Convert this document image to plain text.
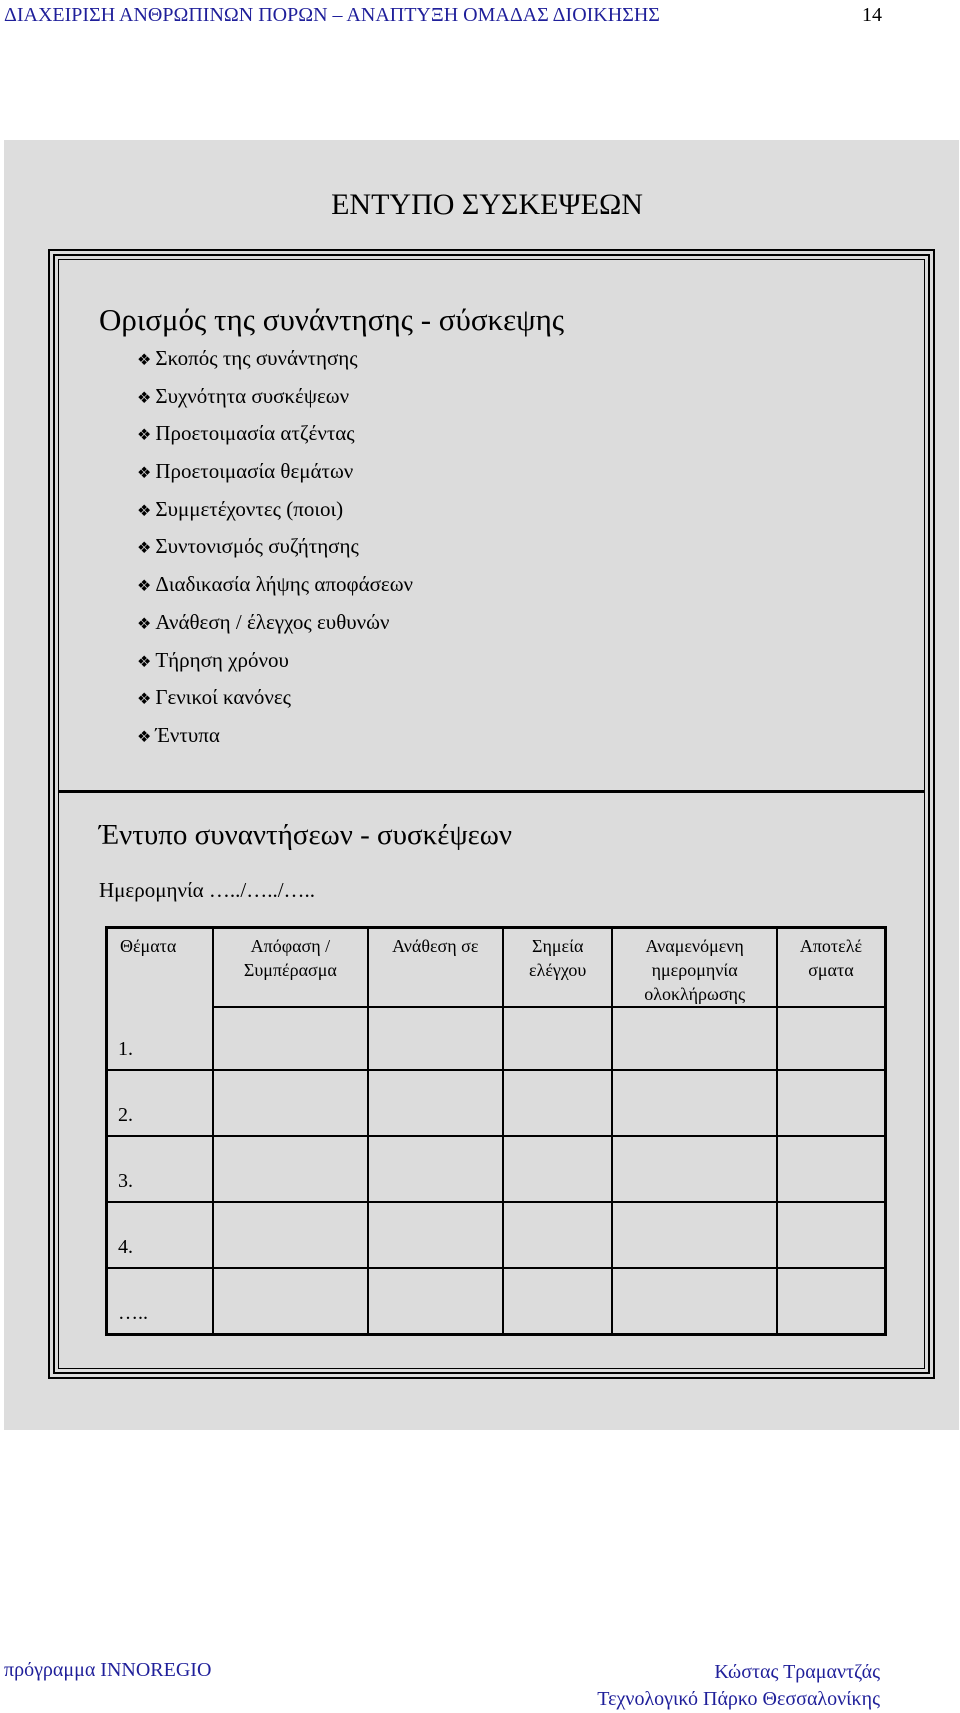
ΔΙΑΧΕΙΡΙΣΗ ΑΝΘΡΩΠΙΝΩΝ ΠΟΡΩΝ – ΑΝΑΠΤΥΞΗ ΟΜΑΔΑΣ ΔΙΟΙΚΗΣΗΣ	14
ΕΝΤΥΠΟ ΣΥΣΚΕΨΕΩΝ
Ορισμός της συνάντησης - σύσκεψης
❖ Σκοπός της συνάντησης
❖ Συχνότητα συσκέψεων
❖ Προετοιμασία ατζέντας
❖ Προετοιμασία θεμάτων
❖ Συμμετέχοντες (ποιοι)
❖ Συντονισμός συζήτησης
❖ Διαδικασία λήψης αποφάσεων
❖ Ανάθεση / έλεγχος ευθυνών
❖ Τήρηση χρόνου
❖ Γενικοί κανόνες
❖ Έντυπα
Έντυπο συναντήσεων - συσκέψεων
Ημερομηνία …../…../…..
Θέματα	Απόφαση / Συμπέρασμα	Ανάθεση σε	Σημεία ελέγχου	Αναμενόμενη ημερομηνία ολοκλήρωσης	Αποτελέ σματα
1.					
2.					
3.					
4.					
…..					
πρόγραμμα INNOREGIO	Κώστας Τραμαντζάς
Τεχνολογικό Πάρκο Θεσσαλονίκης
